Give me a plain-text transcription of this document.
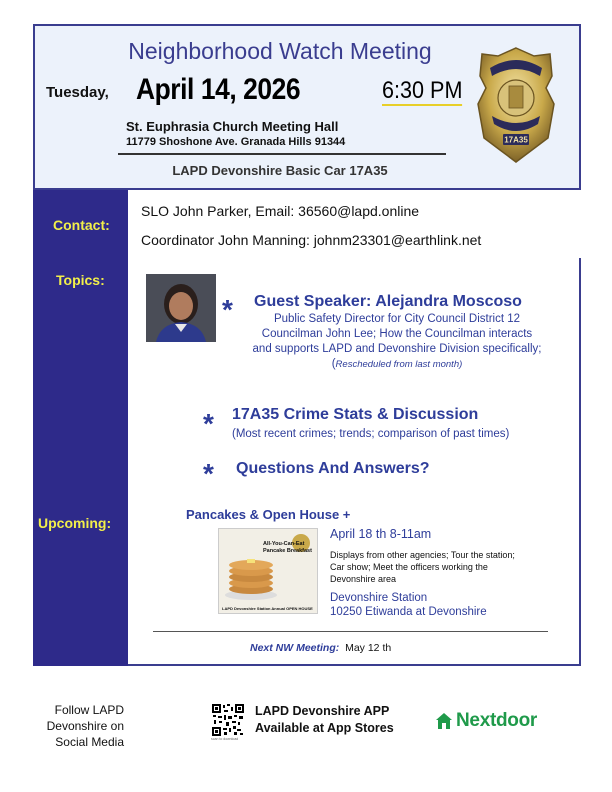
Neighborhood Watch Meeting
Tuesday, April 14, 2026	6:30 PM
St. Euphrasia Church Meeting Hall
11779 Shoshone Ave. Granada Hills 91344
LAPD Devonshire Basic Car 17A35
17A35
Contact:
Topics:
Upcoming:
SLO John Parker, Email: 36560@lapd.online
Coordinator John Manning: johnm23301@earthlink.net
* Guest Speaker: Alejandra Moscoso
Public Safety Director for City Council District 12 Councilman John Lee; How the Councilman interacts and supports LAPD and Devonshire Division specifically; (Rescheduled from last month)
* 17A35 Crime Stats & Discussion
(Most recent crimes; trends; comparison of past times)
* Questions And Answers?
Pancakes & Open House +
All-You-Can-Eat Pancake Breakfast
LAPD Devonshire Station Annual OPEN HOUSE
April 18 th 8-11am
Displays from other agencies; Tour the station; Car show; Meet the officers working the Devonshire area
Devonshire Station
10250 Etiwanda at Devonshire
Next NW Meeting: May 12 th
Follow LAPD Devonshire on Social Media	scan to download
LAPD Devonshire APP
Available at App Stores	Nextdoor
